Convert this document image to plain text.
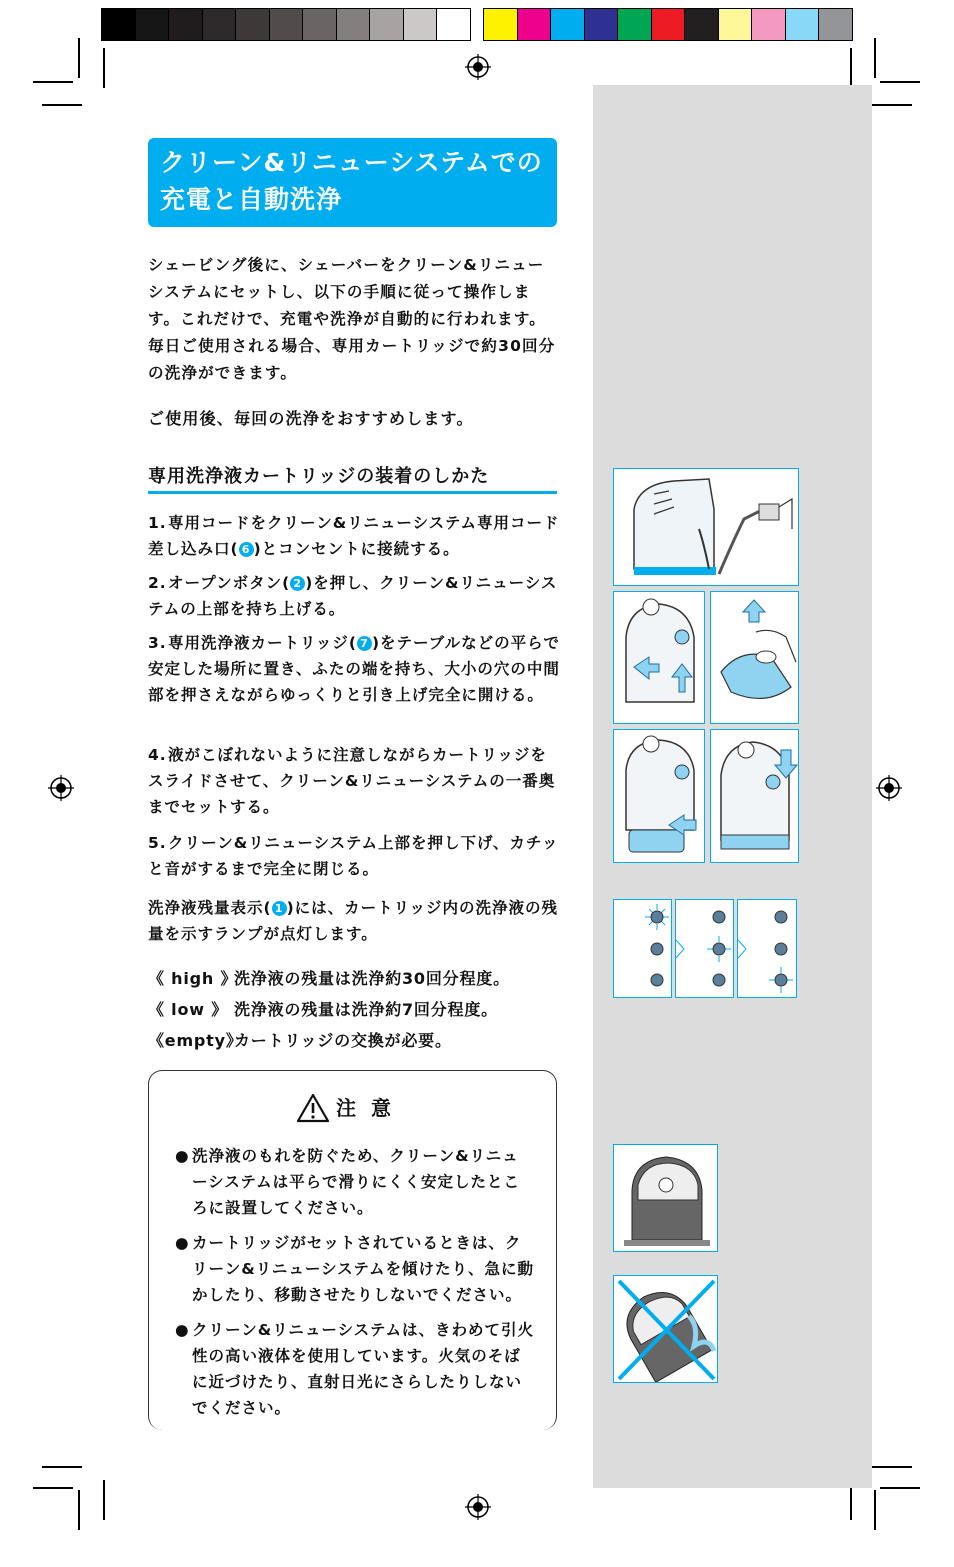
クリーン&リニューシステムでの
充電と自動洗浄
シェービング後に、シェーバーをクリーン&リニューシステムにセットし、以下の手順に従って操作します。これだけで、充電や洗浄が自動的に行われます。毎日ご使用される場合、専用カートリッジで約30回分の洗浄ができます。
ご使用後、毎回の洗浄をおすすめします。
専用洗浄液カートリッジの装着のしかた
1.専用コードをクリーン&リニューシステム専用コード差し込み口( 6 )とコンセントに接続する。
2.オープンボタン( 2 )を押し、クリーン&リニューシステムの上部を持ち上げる。
3.専用洗浄液カートリッジ( 7 )をテーブルなどの平らで安定した場所に置き、ふたの端を持ち、大小の穴の中間部を押さえながらゆっくりと引き上げ完全に開ける。
4.液がこぼれないように注意しながらカートリッジをスライドさせて、クリーン&リニューシステムの一番奥までセットする。
5.クリーン&リニューシステム上部を押し下げ、カチッと音がするまで完全に閉じる。
洗浄液残量表示( 1 )には、カートリッジ内の洗浄液の残量を示すランプが点灯します。
《 high 》洗浄液の残量は洗浄約30回分程度。
《 low 》 洗浄液の残量は洗浄約7回分程度。
《empty》カートリッジの交換が必要。
注 意
● 洗浄液のもれを防ぐため、クリーン&リニューシステムは平らで滑りにくく安定したところに設置してください。
● カートリッジがセットされているときは、クリーン&リニューシステムを傾けたり、急に動かしたり、移動させたりしないでください。
● クリーン&リニューシステムは、きわめて引火性の高い液体を使用しています。火気のそばに近づけたり、直射日光にさらしたりしないでください。
